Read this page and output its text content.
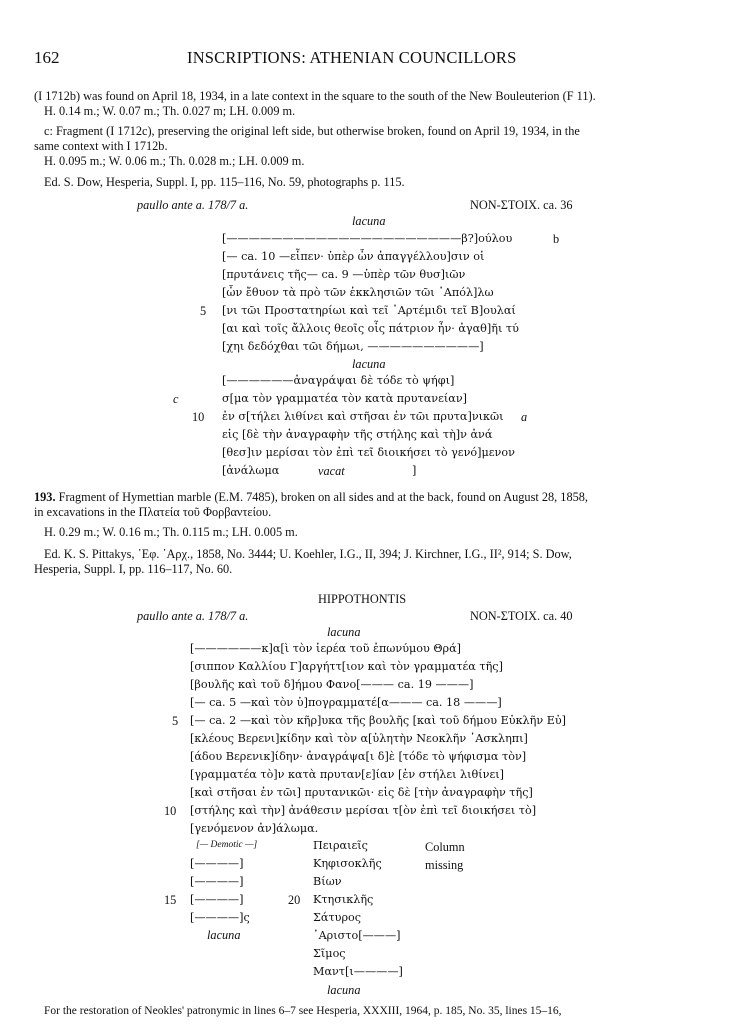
162	INSCRIPTIONS: ATHENIAN COUNCILLORS
(I 1712b) was found on April 18, 1934, in a late context in the square to the south of the New Bouleuterion (F 11).
H. 0.14 m.; W. 0.07 m.; Th. 0.027 m; LH. 0.009 m.
c: Fragment (I 1712c), preserving the original left side, but otherwise broken, found on April 19, 1934, in the
same context with I 1712b.
H. 0.095 m.; W. 0.06 m.; Th. 0.028 m.; LH. 0.009 m.
Ed. S. Dow, Hesperia, Suppl. I, pp. 115–116, No. 59, photographs p. 115.
paullo ante a. 178/7 a.	NON-ΣΤΟΙΧ. ca. 36
lacuna
[—————————————————————β?]ούλου	b
[— ca. 10 —εἶπεν· ὑπὲρ ὧν ἀπαγγέλλου]σιν οἱ
[πρυτάνεις τῆς— ca. 9 —ὑπὲρ τῶν θυσ]ιῶν
[ὧν ἔθυον τὰ πρὸ τῶν ἐκκλησιῶν τῶι ᾽Απόλ]λω
5 [νι τῶι Προστατηρίωι καὶ τεῖ ᾽Αρτέμιδι τεῖ Β]ουλαί
[αι καὶ τοῖς ἄλλοις θεοῖς οἷς πάτριον ἦν· ἀγαθ]ῆι τύ
[χηι δεδόχθαι τῶι δήμωι, ——————————]
lacuna
[——————ἀναγράψαι δὲ τόδε τὸ ψήφι]
c	σ[μα τὸν γραμματέα τὸν κατὰ πρυτανείαν]
10 ἐν σ[τήλει λιθίνει καὶ στῆσαι ἐν τῶι πρυτα]νικῶι a
εἰς [δὲ τὴν ἀναγραφὴν τῆς στήλης καὶ τὴ]ν ἀνά
[θεσ]ιν μερίσαι τὸν ἐπὶ τεῖ διοικήσει τὸ γενό]μενον
[ἀνάλωμα	vacat	]
193. Fragment of Hymettian marble (E.M. 7485), broken on all sides and at the back, found on August 28, 1858,
in excavations in the Πλατεία τοῦ Φορβαντείου.
H. 0.29 m.; W. 0.16 m.; Th. 0.115 m.; LH. 0.005 m.
Ed. K. S. Pittakys, ᾽Εφ. ᾽Αρχ., 1858, No. 3444; U. Koehler, I.G., II, 394; J. Kirchner, I.G., II², 914; S. Dow,
Hesperia, Suppl. I, pp. 116–117, No. 60.
HIPPOTHONTIS
paullo ante a. 178/7 a.	NON-ΣΤΟΙΧ. ca. 40
lacuna
[——————κ]α[ὶ τὸν ἱερέα τοῦ ἐπωνύμου Θρά]
[σιππον Καλλίου Γ]αργήττ[ιον καὶ τὸν γραμματέα τῆς]
[βουλῆς καὶ τοῦ δ]ήμου Φανο[——— ca. 19 ———]
[— ca. 5 —καὶ τὸν ὑ]πογραμματέ[α——— ca. 18 ———]
5 [— ca. 2 —καὶ τὸν κῆρ]υκα τῆς βουλῆς [καὶ τοῦ δήμου Εὐκλῆν Εὐ]
[κλέους Βερενι]κίδην καὶ τὸν α[ὐλητὴν Νεοκλῆν ᾽Ασκληπι]
[άδου Βερενικ]ίδην· ἀναγράψα[ι δ]ὲ [τόδε τὸ ψήφισμα τὸν]
[γραμματέα τὸ]ν κατὰ πρυταν[ε]ίαν [ἐν στήλει λιθίνει]
[καὶ στῆσαι ἐν τῶι] πρυτανικῶι· εἰς δὲ [τὴν ἀναγραφὴν τῆς]
10 [στήλης καὶ τὴν] ἀνάθεσιν μερίσαι τ[ὸν ἐπὶ τεῖ διοικήσει τὸ]
[γενόμενον ἀν]άλωμα.
[— Demotic —]
[————]
[————]
15 [————]
[————]ς
lacuna
Πειραιεῖς
Κηφισοκλῆς
Βίων
20 Κτησικλῆς
Σάτυρος
᾽Αριστο[———]
Σῖμος
Μαντ[ι————]
lacuna
Column
missing
For the restoration of Neokles' patronymic in lines 6–7 see Hesperia, XXXIII, 1964, p. 185, No. 35, lines 15–16,
